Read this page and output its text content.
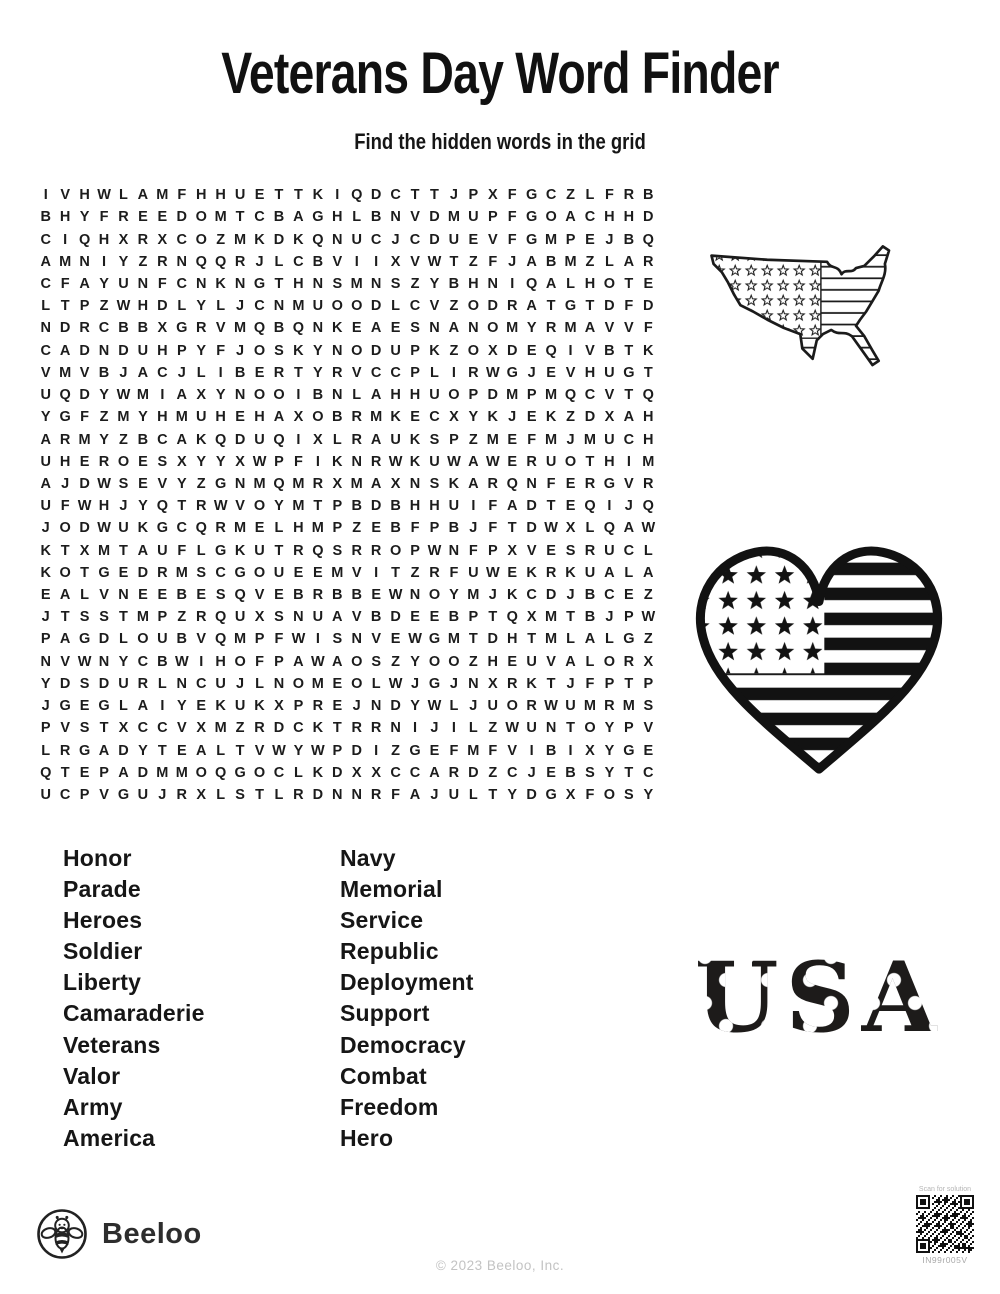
Veterans Day Word Finder
Find the hidden words in the grid
I V H W L A M F H H U E T T K I Q D C T T J P X F G C Z L F R B
B H Y F R E E D O M T C B A G H L B N V D M U P F G O A C H H D
C I Q H X R X C O Z M K D K Q N U C J C D U E V F G M P E J B Q
A M N I Y Z R N Q Q R J L C B V I	I X V W T Z F J A B M Z L A R
C F A Y U N F C N K N G T H N S M N S Z Y B H N I Q A L H O T E
L T P Z W H D L Y L J C N M U O O D L C V Z O D R A T G T D F D
N D R C B B X G R V M Q B Q N K E A E S N A N O M Y R M A V V F
C A D N D U H P Y F J O S K Y N O D U P K Z O X D E Q I V B T K
V M V B J A C J L I B E R T Y R V C C P L I R W G J E V H U G T
U Q D Y W M I A X Y N O O I B N L A H H U O P D M P M Q C V T Q
Y G F Z M Y H M U H E H A X O B R M K E C X Y K J E K Z D X A H
A R M Y Z B C A K Q D U Q I X L R A U K S P Z M E F M J M U C H
U H E R O E S X Y Y X W P F I K N R W K U W A W E R U O T H I M
A J D W S E V Y Z G N M Q M R X M A X N S K A R Q N F E R G V R
U F W H J Y Q T R W V O Y M T P B D B H H U I F A D T E Q I J Q
J O D W U K G C Q R M E L H M P Z E B F P B J F T D W X L Q A W
K T X M T A U F L G K U T R Q S R R O P W N F P X V E S R U C L
K O T G E D R M S C G O U E E M V I T Z R F U W E K R K U A L A
E A L V N E E B E S Q V E B R B B E W N O Y M J K C D J B C E Z
J T S S T M P Z R Q U X S N U A V B D E E B P T Q X M T B J P W
P A G D L O U B V Q M P F W I S N V E W G M T D H T M L A L G Z
N V W N Y C B W I H O F P A W A O S Z Y O O Z H E U V A L O R X
Y D S D U R L N C U J L N O M E O L W J G J N X R K T J F P T P
J G E G L A I Y E K U K X P R E J N D Y W L J U O R W U M R M S
P V S T X C C V X M Z R D C K T R R N I J I L Z W U N T O Y P V
L R G A D Y T E A L T V W Y W P D I Z G E F M F V I B I X Y G E
Q T E P A D M M O Q G O C L K D X X C C A R D Z C J E B S Y T C
U C P V G U J R X L S T L R D N N R F A J U L T Y D G X F O S Y
USA
Honor
Parade
Heroes
Soldier
Liberty
Camaraderie
Veterans
Valor
Army
America
Navy
Memorial
Service
Republic
Deployment
Support
Democracy
Combat
Freedom
Hero
Beeloo
© 2023 Beeloo, Inc.
Scan for solution
IN99r005V
